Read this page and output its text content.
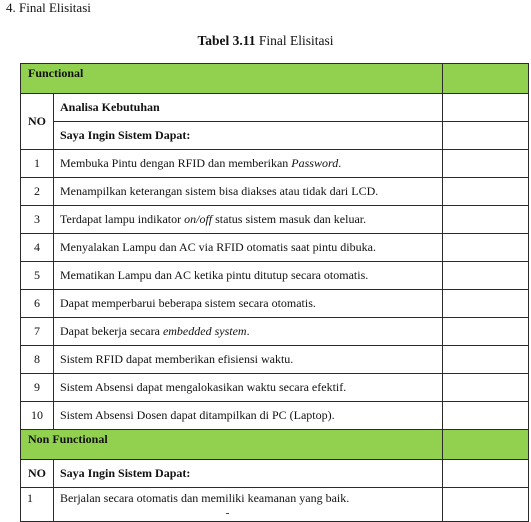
4. Final Elisitasi
Tabel 3.11 Final Elisitasi
Functional		
NO	Analisa Kebutuhan	
	Saya Ingin Sistem Dapat:	
1	Membuka Pintu dengan RFID dan memberikan Password.	
2	Menampilkan keterangan sistem bisa diakses atau tidak dari LCD.	
3	Terdapat lampu indikator on/off status sistem masuk dan keluar.	
4	Menyalakan Lampu dan AC via RFID otomatis saat pintu dibuka.	
5	Mematikan Lampu dan AC ketika pintu ditutup secara otomatis.	
6	Dapat memperbarui beberapa sistem secara otomatis.	
7	Dapat bekerja secara embedded system.	
8	Sistem RFID dapat memberikan efisiensi waktu.	
9	Sistem Absensi dapat mengalokasikan waktu secara efektif.	
10	Sistem Absensi Dosen dapat ditampilkan di PC (Laptop).	
Non Functional		
NO	Saya Ingin Sistem Dapat:	
1	Berjalan secara otomatis dan memiliki keamanan yang baik.	
